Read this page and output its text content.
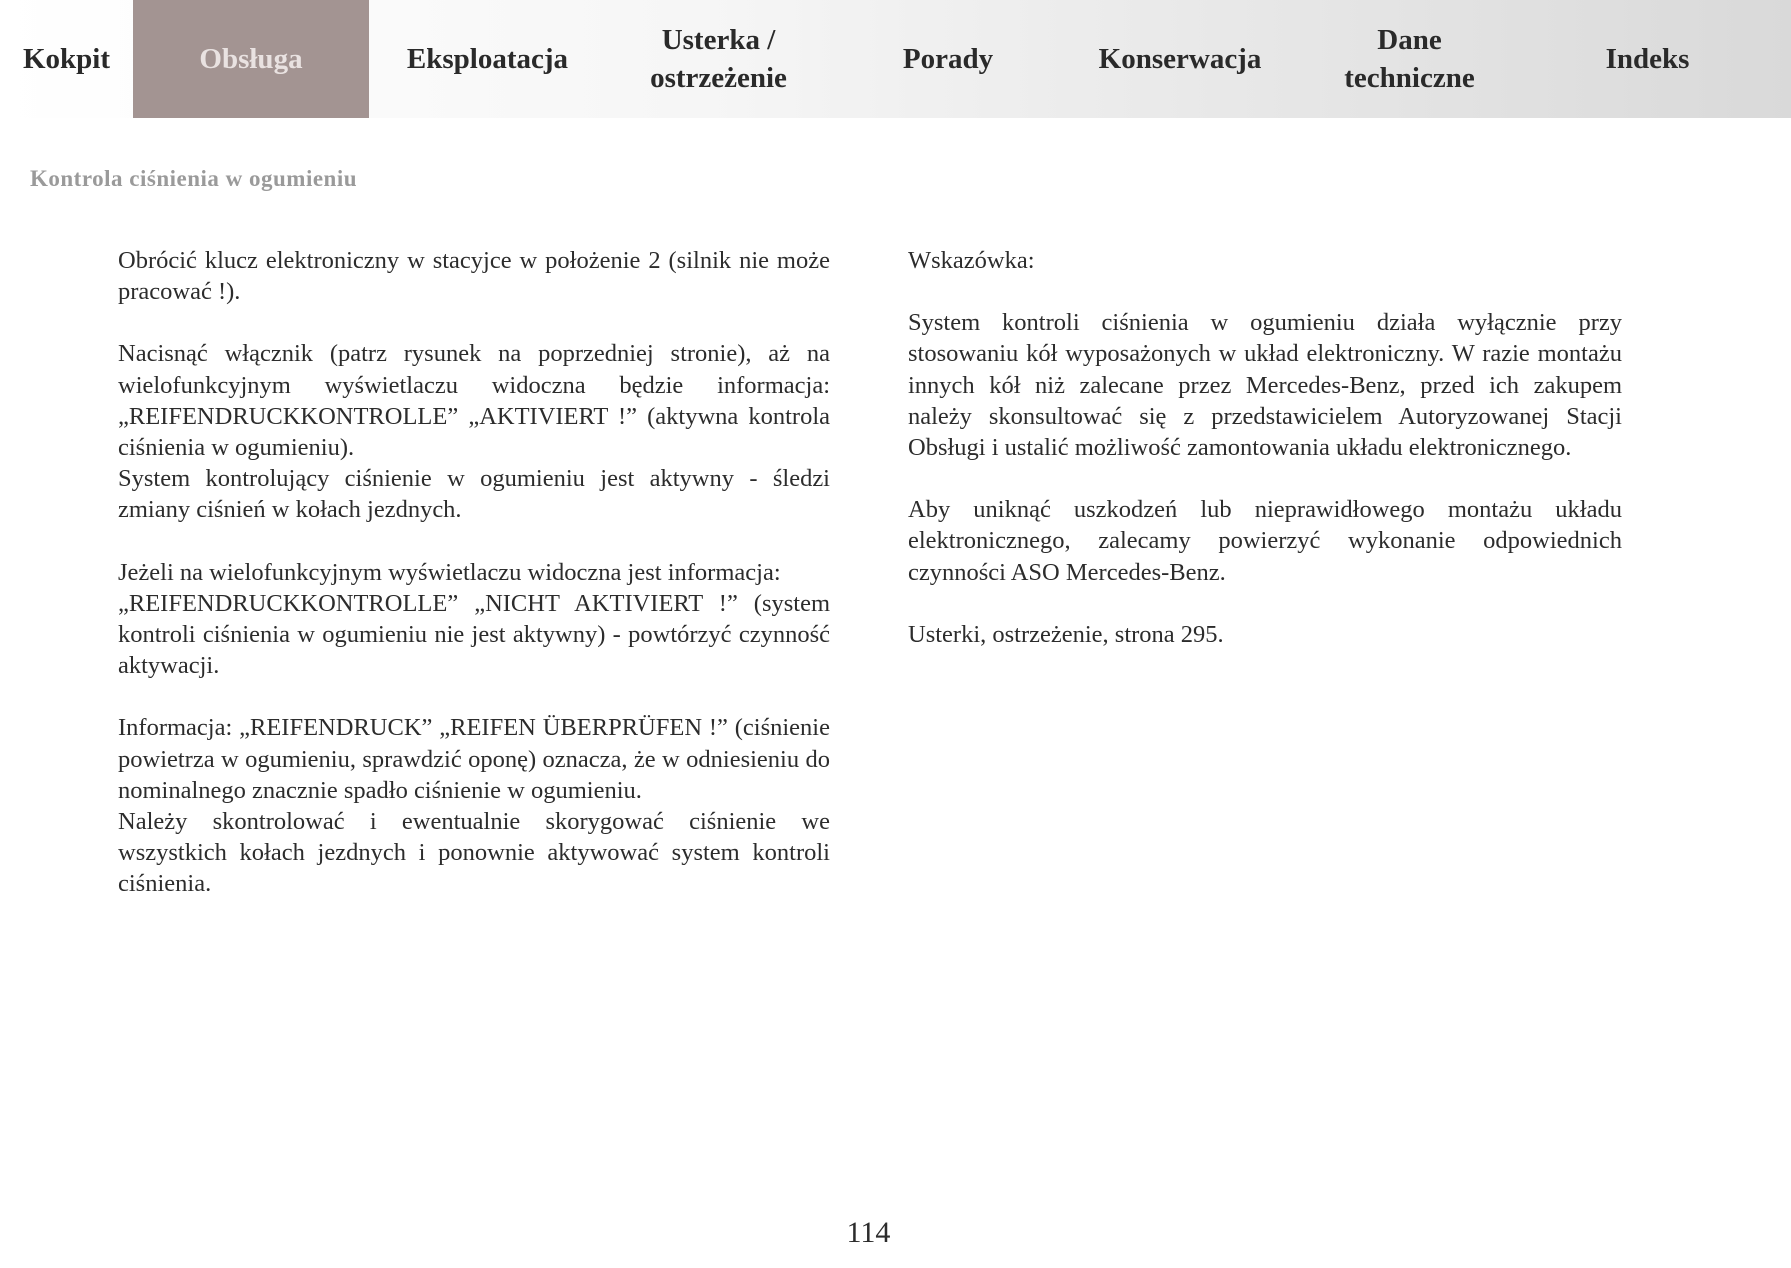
Kokpit	Obsługa	Eksploatacja
Usterka /
ostrzeżenie
Porady	Konserwacja
Dane
techniczne
Indeks
Kontrola ciśnienia w ogumieniu

Obrócić klucz elektroniczny w stacyjce w położenie 2 (silnik nie może pracować !).

Nacisnąć włącznik (patrz rysunek na poprzedniej stronie), aż na wielofunkcyjnym wyświetlaczu widoczna będzie informacja: „REIFENDRUCKKONTROLLE” „AKTIVIERT !” (aktywna kontrola ciśnienia w ogumieniu).
System kontrolujący ciśnienie w ogumieniu jest aktywny - śledzi zmiany ciśnień w kołach jezdnych.

Jeżeli na wielofunkcyjnym wyświetlaczu widoczna jest informacja:
„REIFENDRUCKKONTROLLE” „NICHT AKTIVIERT !” (system kontroli ciśnienia w ogumieniu nie jest aktywny) - powtórzyć czynność aktywacji.

Informacja: „REIFENDRUCK” „REIFEN ÜBERPRÜFEN !” (ciśnienie powietrza w ogumieniu, sprawdzić oponę) oznacza, że w odniesieniu do nominalnego znacznie spadło ciśnienie w ogumieniu.
Należy skontrolować i ewentualnie skorygować ciśnienie we wszystkich kołach jezdnych i ponownie aktywować system kontroli ciśnienia.

Wskazówka:

System kontroli ciśnienia w ogumieniu działa wyłącznie przy stosowaniu kół wyposażonych w układ elektroniczny. W razie montażu innych kół niż zalecane przez Mercedes-Benz, przed ich zakupem należy skonsultować się z przedstawicielem Autoryzowanej Stacji Obsługi i ustalić możliwość zamontowania układu elektronicznego.

Aby uniknąć uszkodzeń lub nieprawidłowego montażu układu elektronicznego, zalecamy powierzyć wykonanie odpowiednich czynności ASO Mercedes-Benz.

Usterki, ostrzeżenie, strona 295.

114
